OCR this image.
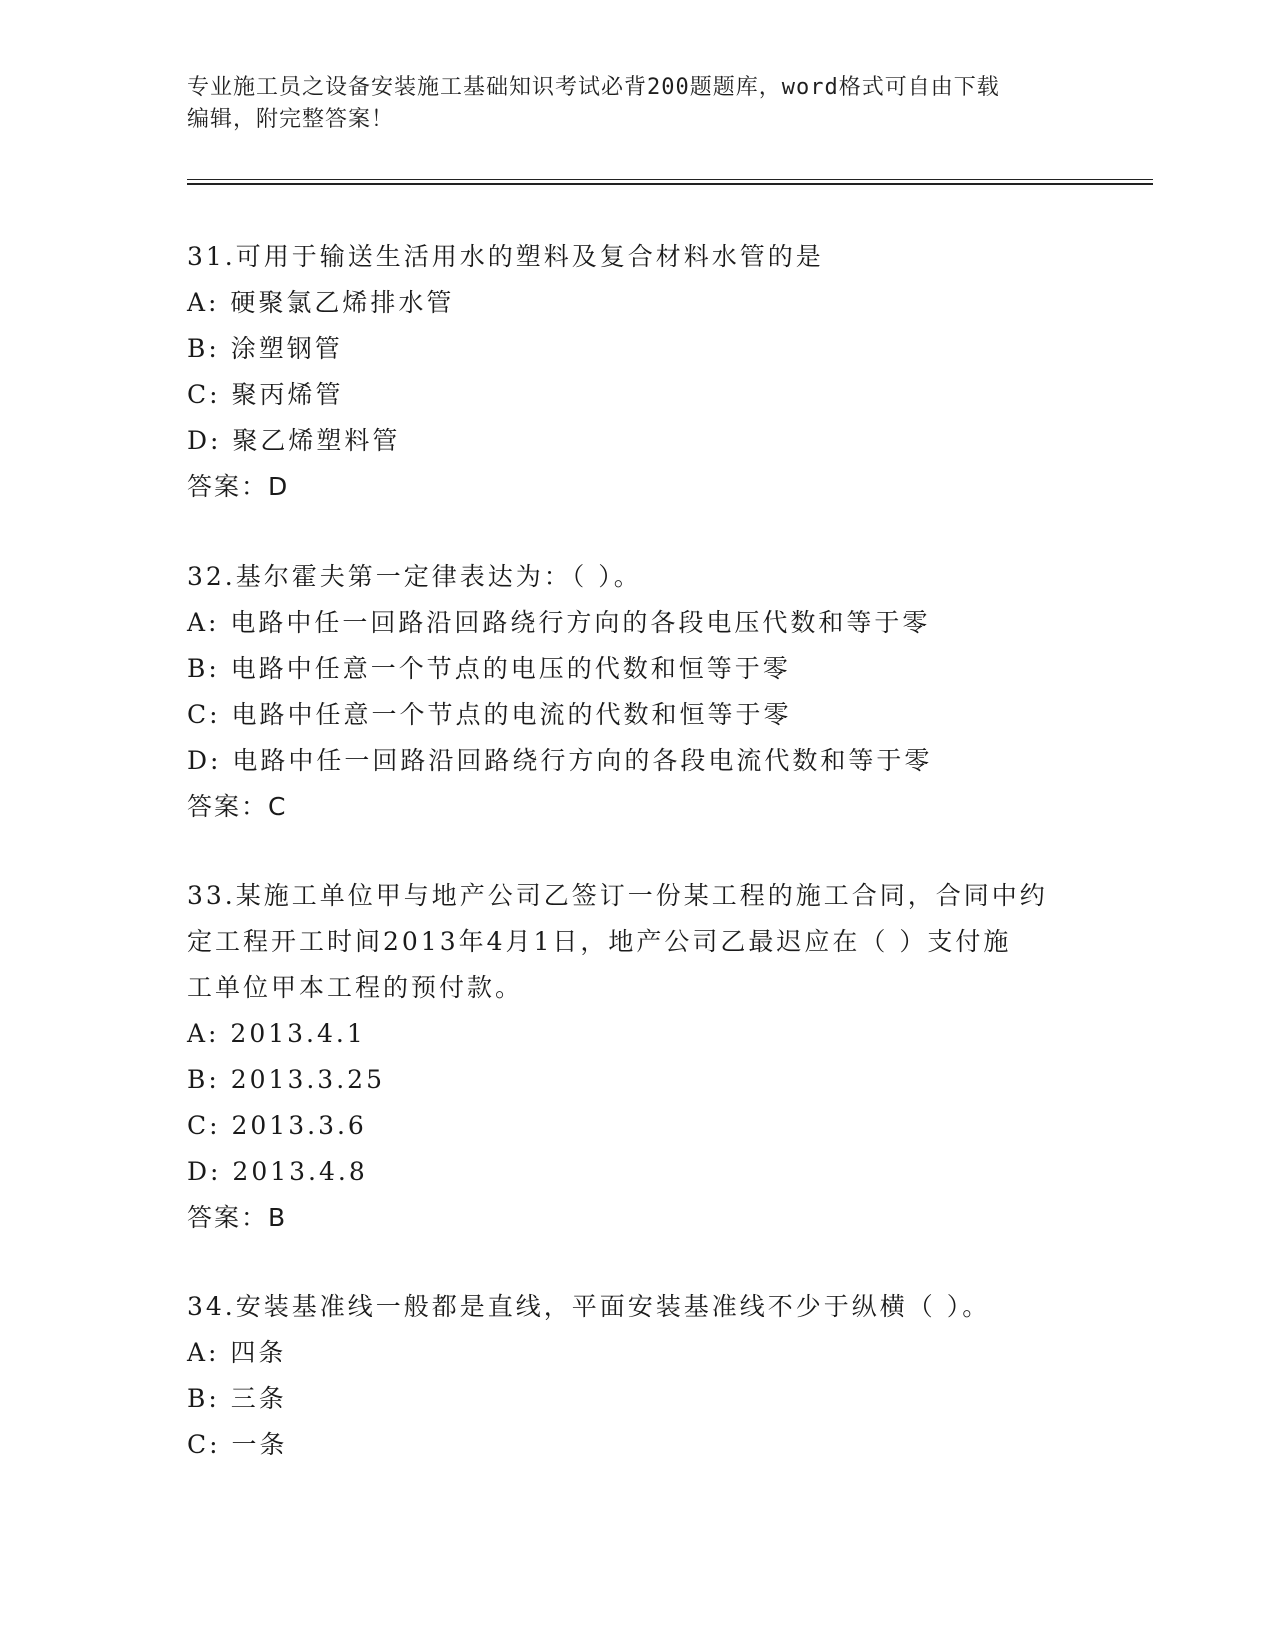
专业施工员之设备安装施工基础知识考试必背200题题库，word格式可自由下载
编辑，附完整答案！
31.可用于输送生活用水的塑料及复合材料水管的是
A: 硬聚氯乙烯排水管
B: 涂塑钢管
C: 聚丙烯管
D: 聚乙烯塑料管
答案：D
32.基尔霍夫第一定律表达为：（ ）。
A: 电路中任一回路沿回路绕行方向的各段电压代数和等于零
B: 电路中任意一个节点的电压的代数和恒等于零
C: 电路中任意一个节点的电流的代数和恒等于零
D: 电路中任一回路沿回路绕行方向的各段电流代数和等于零
答案：C
33.某施工单位甲与地产公司乙签订一份某工程的施工合同，合同中约
定工程开工时间2013年4月1日，地产公司乙最迟应在（ ）支付施
工单位甲本工程的预付款。
A: 2013.4.1
B: 2013.3.25
C: 2013.3.6
D: 2013.4.8
答案：B
34.安装基准线一般都是直线，平面安装基准线不少于纵横（ ）。
A: 四条
B: 三条
C: 一条
